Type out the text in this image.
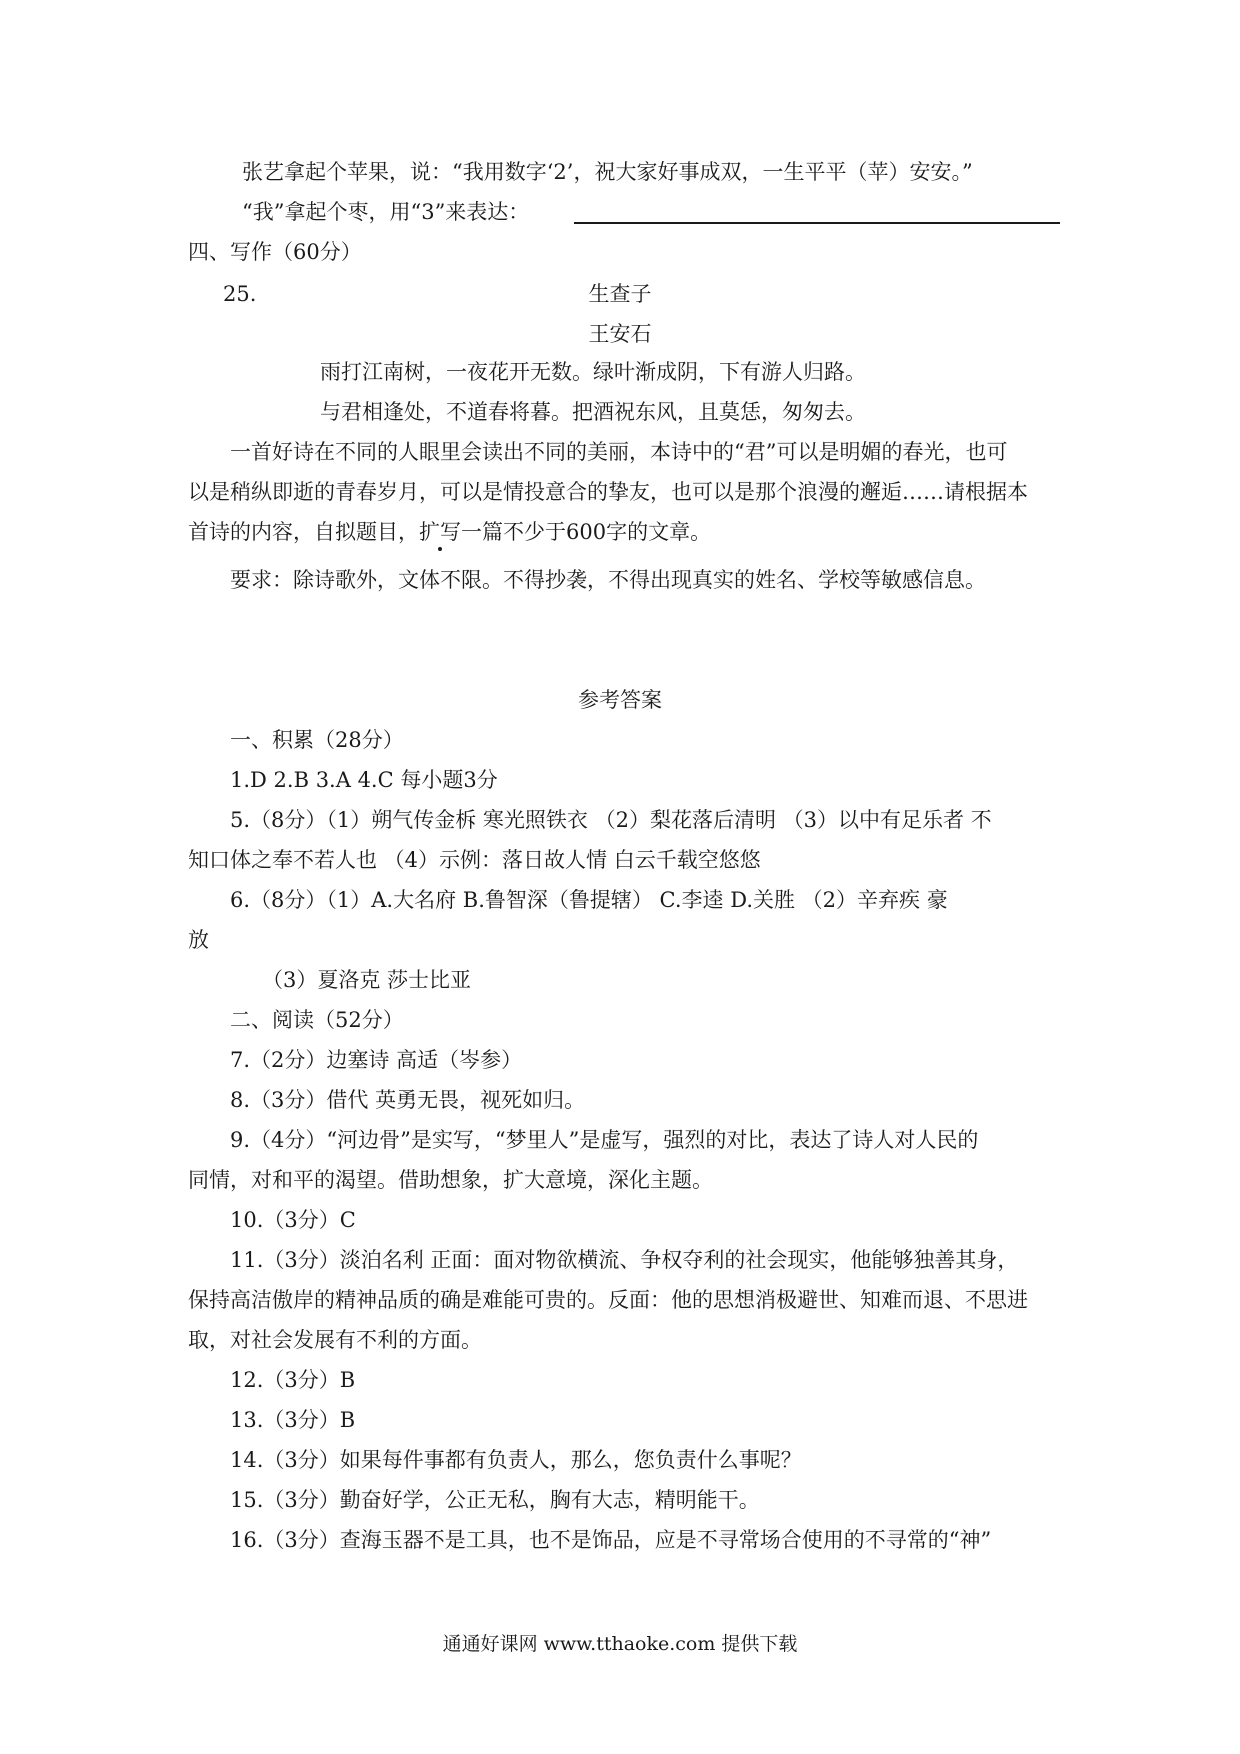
张艺拿起个苹果，说：“我用数字‘2’，祝大家好事成双，一生平平（苹）安安。”
“我”拿起个枣，用“3”来表达：
四、写作（60分）
25.	生查子
王安石
雨打江南树，一夜花开无数。绿叶渐成阴，下有游人归路。
与君相逢处，不道春将暮。把酒祝东风，且莫恁，匆匆去。
一首好诗在不同的人眼里会读出不同的美丽，本诗中的“君”可以是明媚的春光，也可
以是稍纵即逝的青春岁月，可以是情投意合的挚友，也可以是那个浪漫的邂逅……请根据本
首诗的内容，自拟题目，扩写一篇不少于600字的文章。
要求：除诗歌外，文体不限。不得抄袭，不得出现真实的姓名、学校等敏感信息。
参考答案
一、积累（28分）
1.D 2.B 3.A 4.C 每小题3分
5.（8分）（1）朔气传金柝 寒光照铁衣 （2）梨花落后清明 （3）以中有足乐者 不
知口体之奉不若人也 （4）示例：落日故人情 白云千载空悠悠
6.（8分）（1）A.大名府 B.鲁智深（鲁提辖） C.李逵 D.关胜 （2）辛弃疾 豪
放
（3）夏洛克 莎士比亚
二、阅读（52分）
7.（2分）边塞诗 高适（岑参）
8.（3分）借代 英勇无畏，视死如归。
9.（4分）“河边骨”是实写，“梦里人”是虚写，强烈的对比，表达了诗人对人民的
同情，对和平的渴望。借助想象，扩大意境，深化主题。
10.（3分）C
11.（3分）淡泊名利 正面：面对物欲横流、争权夺利的社会现实，他能够独善其身，
保持高洁傲岸的精神品质的确是难能可贵的。反面：他的思想消极避世、知难而退、不思进
取，对社会发展有不利的方面。
12.（3分）B
13.（3分）B
14.（3分）如果每件事都有负责人，那么，您负责什么事呢？
15.（3分）勤奋好学，公正无私，胸有大志，精明能干。
16.（3分）查海玉器不是工具，也不是饰品，应是不寻常场合使用的不寻常的“神”
通通好课网 www.tthaoke.com 提供下载
